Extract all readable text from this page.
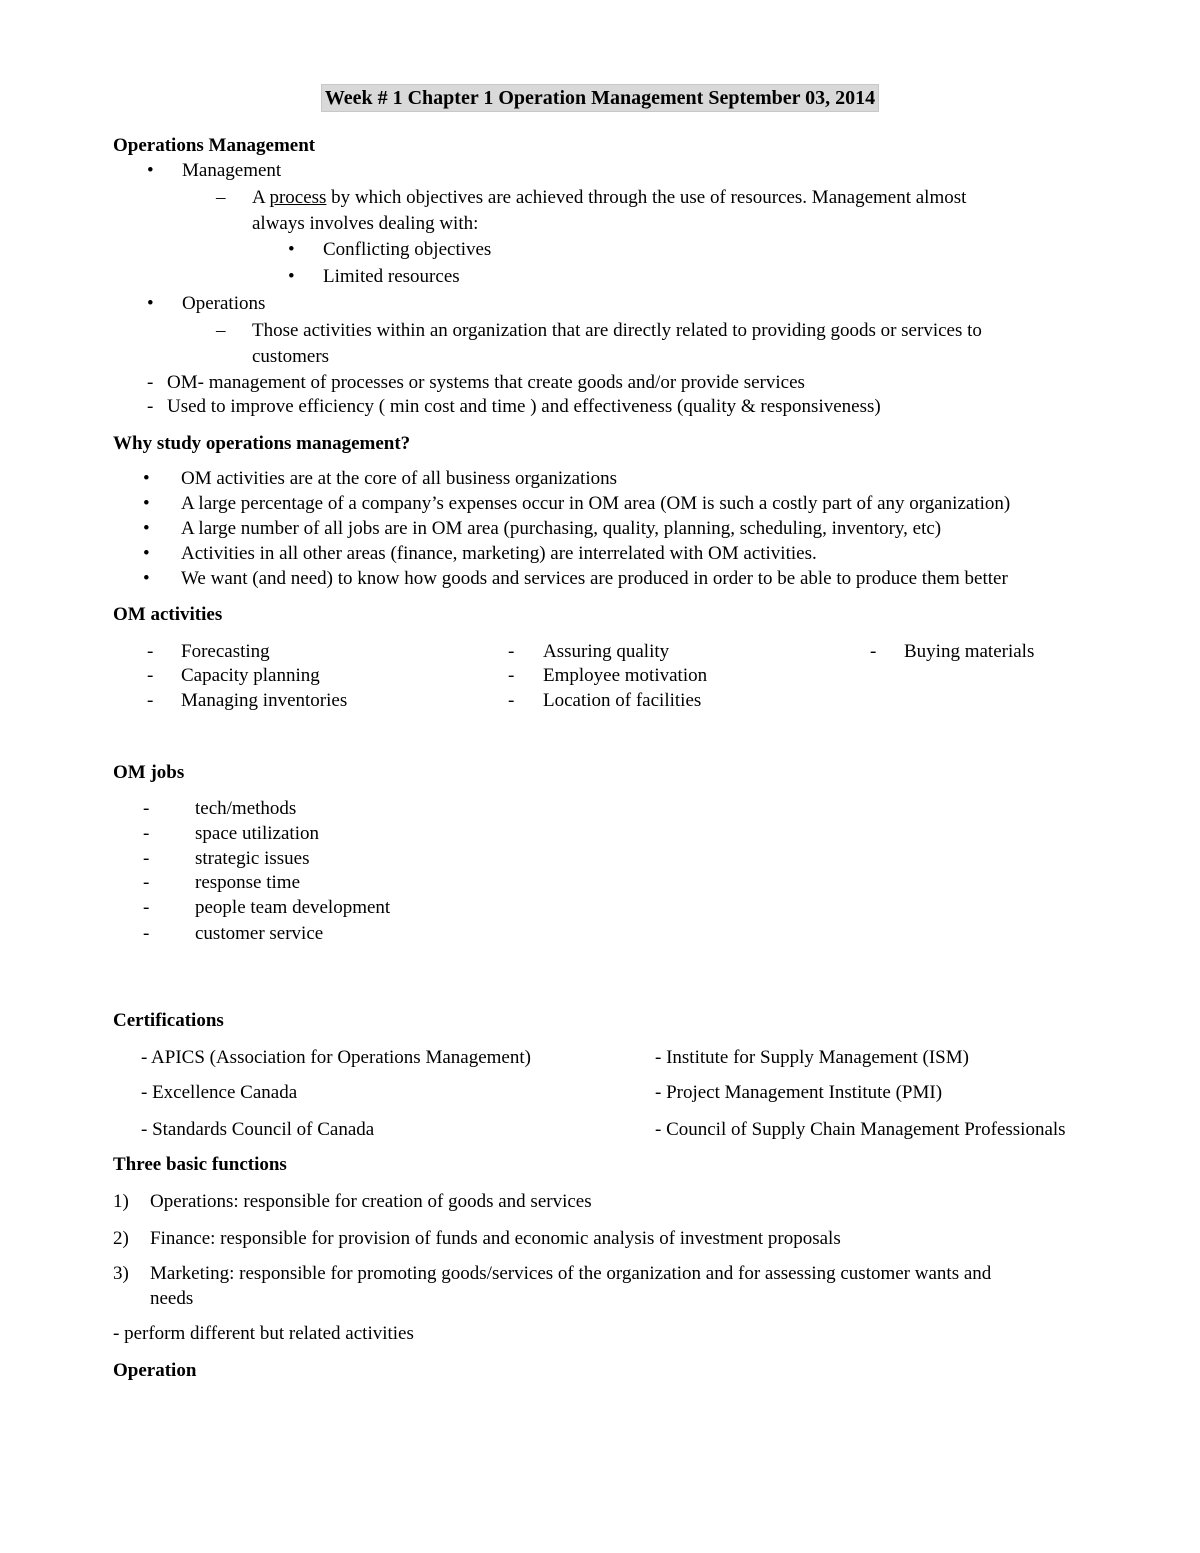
Week # 1 Chapter 1 Operation Management September 03, 2014
Operations Management
• Management
– A process by which objectives are achieved through the use of resources. Management almost
always involves dealing with:
• Conflicting objectives
• Limited resources
• Operations
– Those activities within an organization that are directly related to providing goods or services to
customers
- OM- management of processes or systems that create goods and/or provide services
- Used to improve efficiency ( min cost and time ) and effectiveness (quality & responsiveness)
Why study operations management?
• OM activities are at the core of all business organizations
• A large percentage of a company’s expenses occur in OM area (OM is such a costly part of any organization)
• A large number of all jobs are in OM area (purchasing, quality, planning, scheduling, inventory, etc)
• Activities in all other areas (finance, marketing) are interrelated with OM activities.
• We want (and need) to know how goods and services are produced in order to be able to produce them better
OM activities
- Forecasting
- Capacity planning
- Managing inventories
- Assuring quality
- Employee motivation
- Location of facilities
- Buying materials
OM jobs
- tech/methods
- space utilization
- strategic issues
- response time
- people team development
- customer service
Certifications
- APICS (Association for Operations Management)
- Excellence Canada
- Standards Council of Canada
- Institute for Supply Management (ISM)
- Project Management Institute (PMI)
- Council of Supply Chain Management Professionals
Three basic functions
1) Operations: responsible for creation of goods and services
2) Finance: responsible for provision of funds and economic analysis of investment proposals
3) Marketing: responsible for promoting goods/services of the organization and for assessing customer wants and
needs
- perform different but related activities
Operation
